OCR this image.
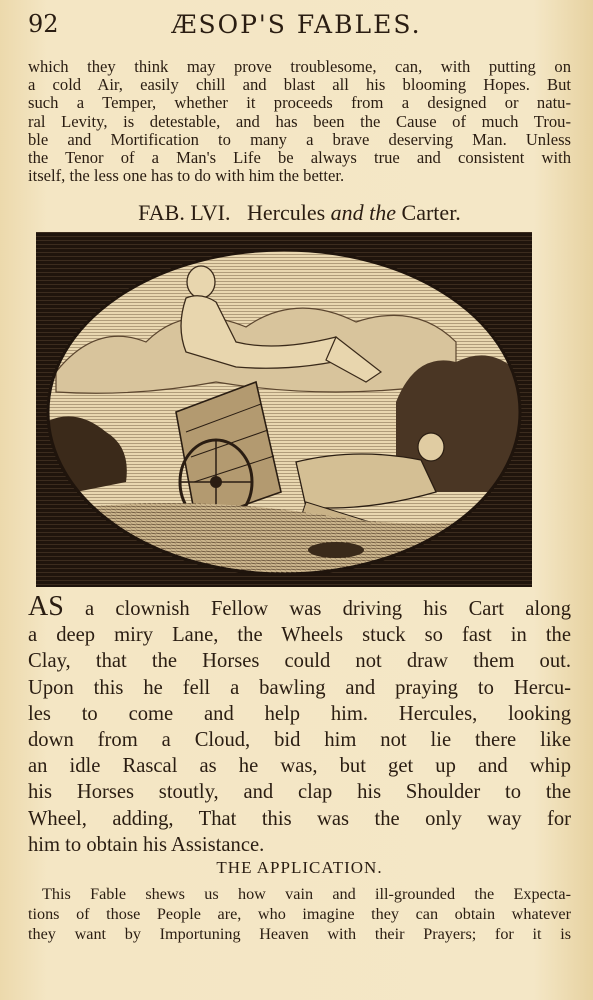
92	ÆSOP'S FABLES.
which they think may prove troublesome, can, with putting on
a cold Air, easily chill and blast all his blooming Hopes. But
such a Temper, whether it proceeds from a designed or natu-
ral Levity, is detestable, and has been the Cause of much Trou-
ble and Mortification to many a brave deserving Man. Unless
the Tenor of a Man's Life be always true and consistent with
itself, the less one has to do with him the better.
FAB. LVI. Hercules and the Carter.
AS a clownish Fellow was driving his Cart along
a deep miry Lane, the Wheels stuck so fast in the
Clay, that the Horses could not draw them out.
Upon this he fell a bawling and praying to Hercu-
les to come and help him. Hercules, looking
down from a Cloud, bid him not lie there like
an idle Rascal as he was, but get up and whip
his Horses stoutly, and clap his Shoulder to the
Wheel, adding, That this was the only way for
him to obtain his Assistance.
THE APPLICATION.
This Fable shews us how vain and ill-grounded the Expecta-
tions of those People are, who imagine they can obtain whatever
they want by Importuning Heaven with their Prayers; for it is
